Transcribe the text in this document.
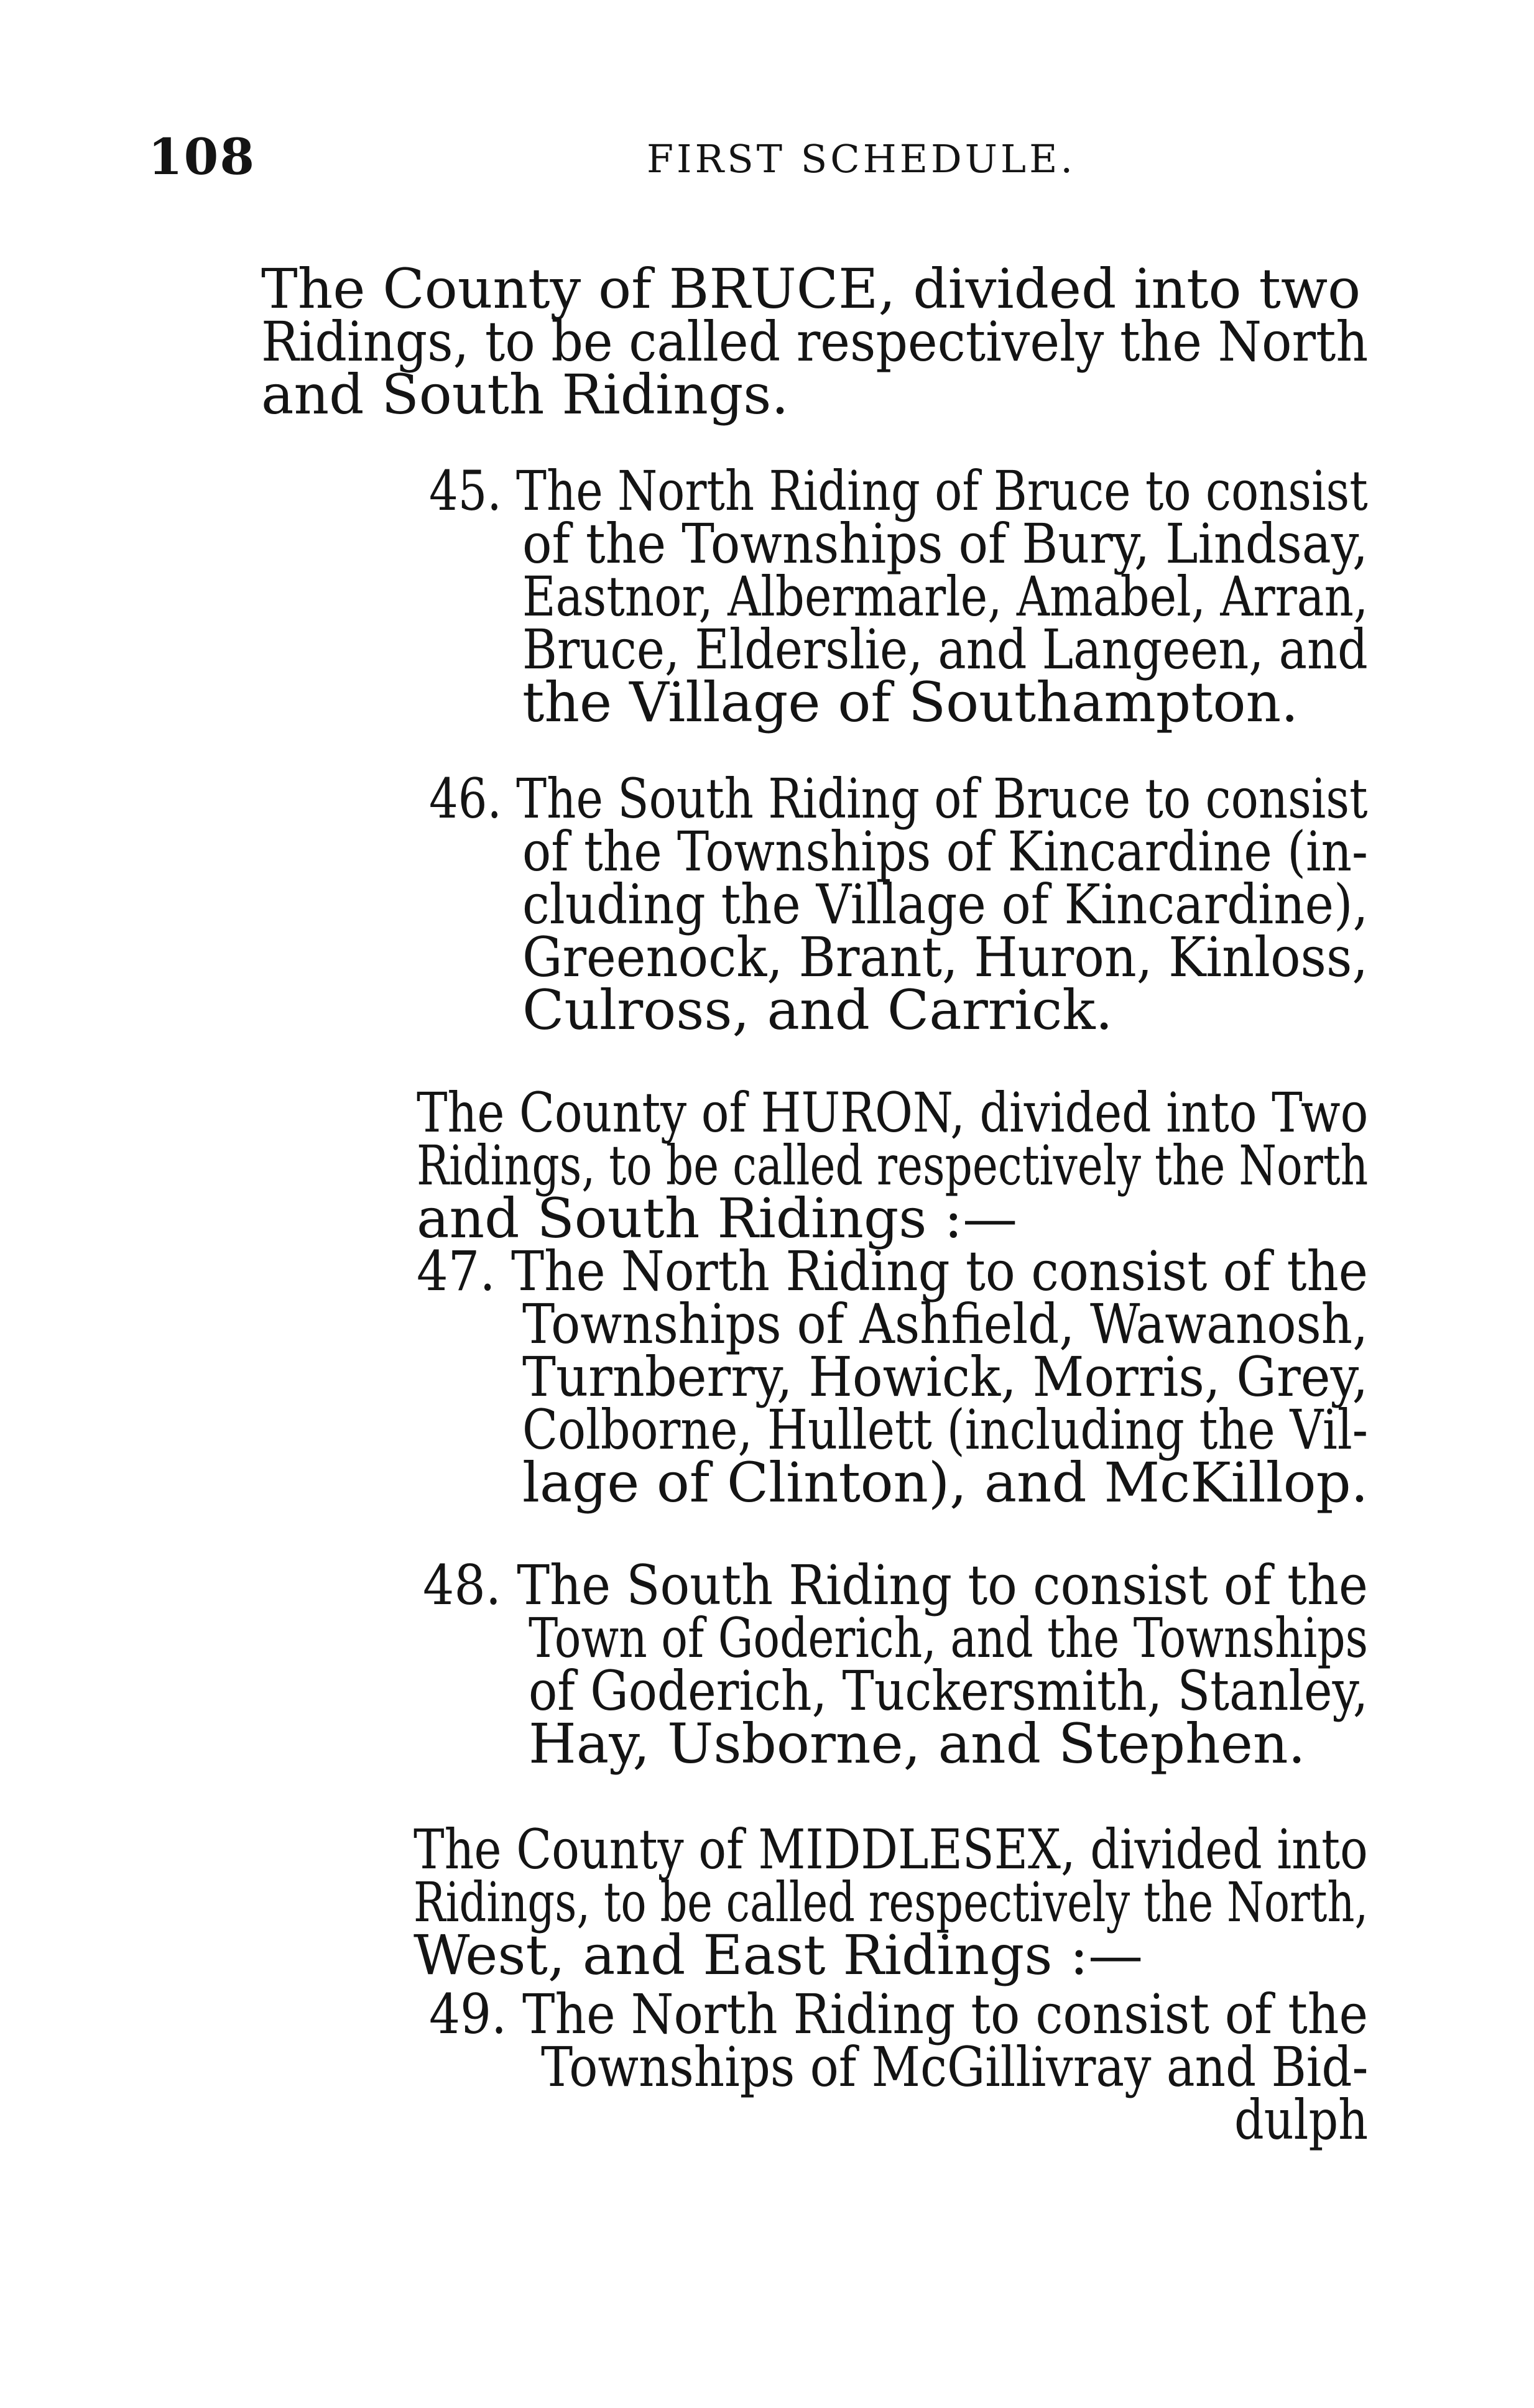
108	FIRST SCHEDULE.
The County of BRUCE, divided into two
Ridings, to be called respectively the North
and South Ridings.
45. The North Riding of Bruce to consist
of the Townships of Bury, Lindsay,
Eastnor, Albermarle, Amabel, Arran,
Bruce, Elderslie, and Langeen, and
the Village of Southampton.
46. The South Riding of Bruce to consist
of the Townships of Kincardine (in-
cluding the Village of Kincardine),
Greenock, Brant, Huron, Kinloss,
Culross, and Carrick.
The County of HURON, divided into Two
Ridings, to be called respectively the North
and South Ridings :—
47. The North Riding to consist of the
Townships of Ashfield, Wawanosh,
Turnberry, Howick, Morris, Grey,
Colborne, Hullett (including the Vil-
lage of Clinton), and McKillop.
48. The South Riding to consist of the
Town of Goderich, and the Townships
of Goderich, Tuckersmith, Stanley,
Hay, Usborne, and Stephen.
The County of MIDDLESEX, divided into
Ridings, to be called respectively the North,
West, and East Ridings :—
49. The North Riding to consist of the
Townships of McGillivray and Bid-
dulph
